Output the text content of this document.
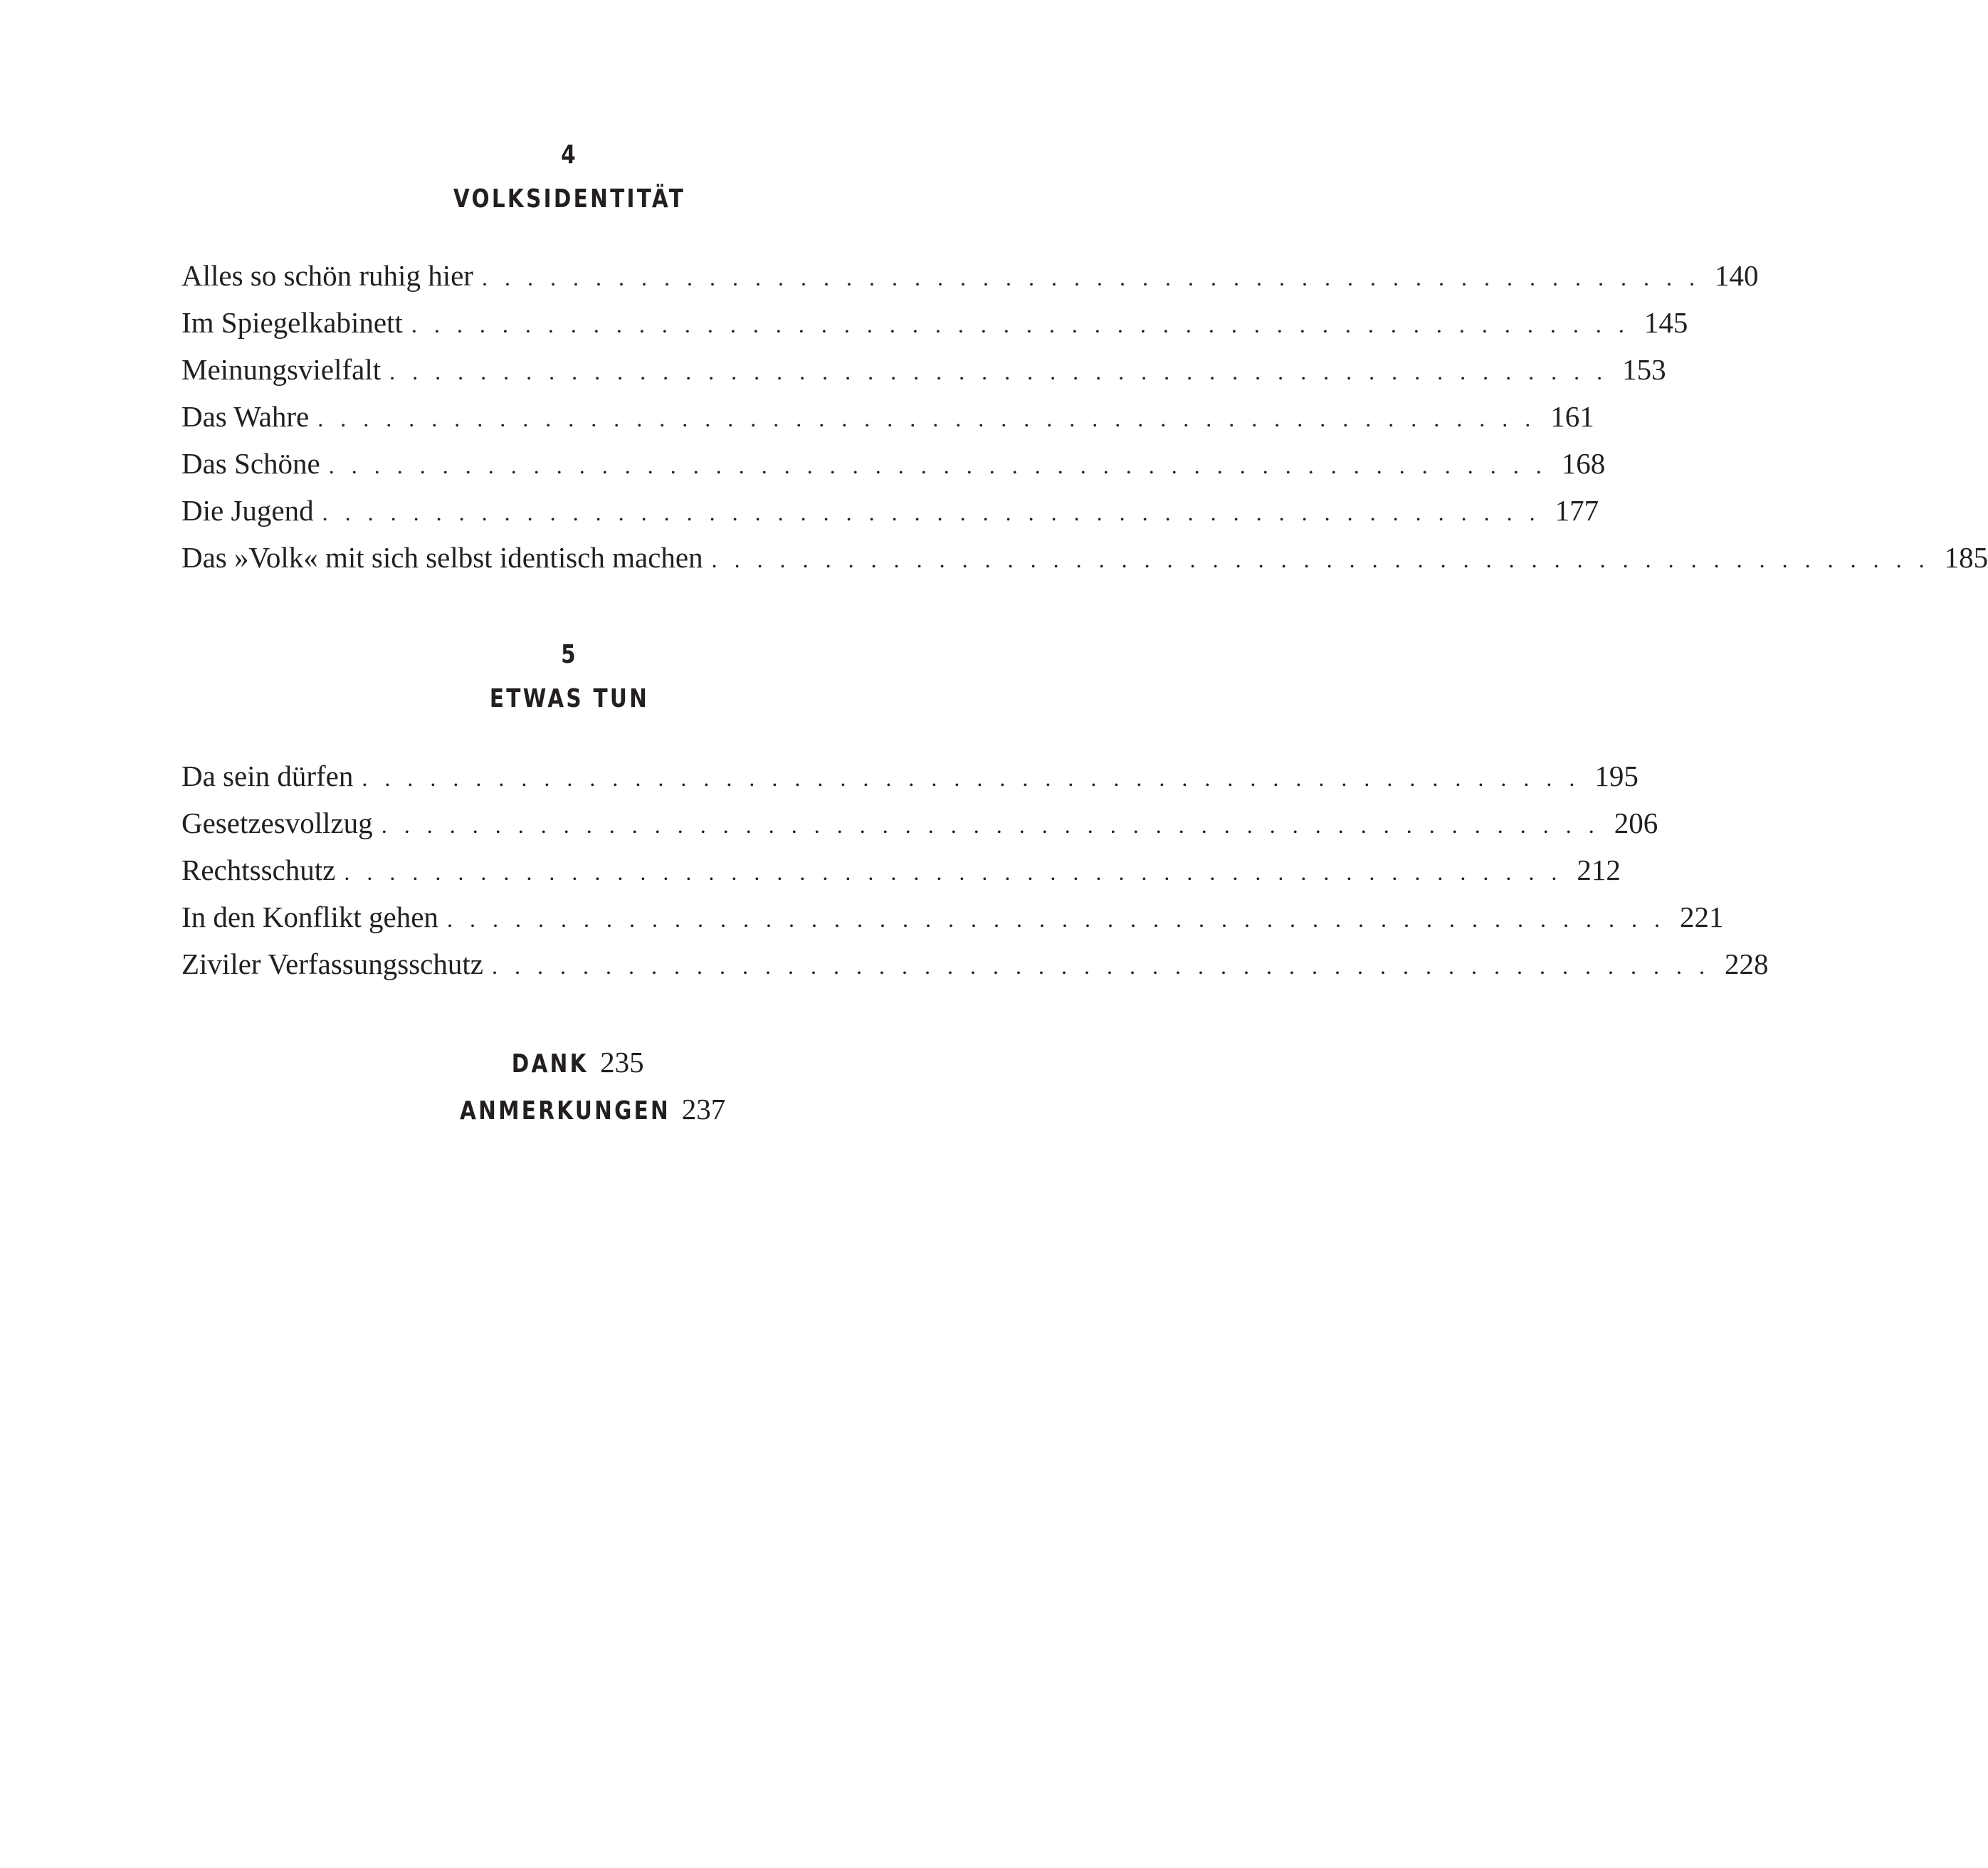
4
VOLKSIDENTITÄT
Alles so schön ruhig hier . . . . . . . . . . . . . . . . . . . . . . . . . . . . . . . . . . . . . . . . . . . . . . . . . . . . . . 140
Im Spiegelkabinett . . . . . . . . . . . . . . . . . . . . . . . . . . . . . . . . . . . . . . . . . . . . . . . . . . . . . . 145
Meinungsvielfalt . . . . . . . . . . . . . . . . . . . . . . . . . . . . . . . . . . . . . . . . . . . . . . . . . . . . . . 153
Das Wahre . . . . . . . . . . . . . . . . . . . . . . . . . . . . . . . . . . . . . . . . . . . . . . . . . . . . . . 161
Das Schöne . . . . . . . . . . . . . . . . . . . . . . . . . . . . . . . . . . . . . . . . . . . . . . . . . . . . . . 168
Die Jugend . . . . . . . . . . . . . . . . . . . . . . . . . . . . . . . . . . . . . . . . . . . . . . . . . . . . . . 177
Das »Volk« mit sich selbst identisch machen . . . . . . . . . . . . . . . . . . . . . . . . . . . . . . . . . . . . . . . . . . . . . . . . . . . . . . 185
5
ETWAS TUN
Da sein dürfen . . . . . . . . . . . . . . . . . . . . . . . . . . . . . . . . . . . . . . . . . . . . . . . . . . . . . . 195
Gesetzesvollzug . . . . . . . . . . . . . . . . . . . . . . . . . . . . . . . . . . . . . . . . . . . . . . . . . . . . . . 206
Rechtsschutz . . . . . . . . . . . . . . . . . . . . . . . . . . . . . . . . . . . . . . . . . . . . . . . . . . . . . . 212
In den Konflikt gehen . . . . . . . . . . . . . . . . . . . . . . . . . . . . . . . . . . . . . . . . . . . . . . . . . . . . . . 221
Ziviler Verfassungsschutz . . . . . . . . . . . . . . . . . . . . . . . . . . . . . . . . . . . . . . . . . . . . . . . . . . . . . . 228
DANK 235
ANMERKUNGEN 237
